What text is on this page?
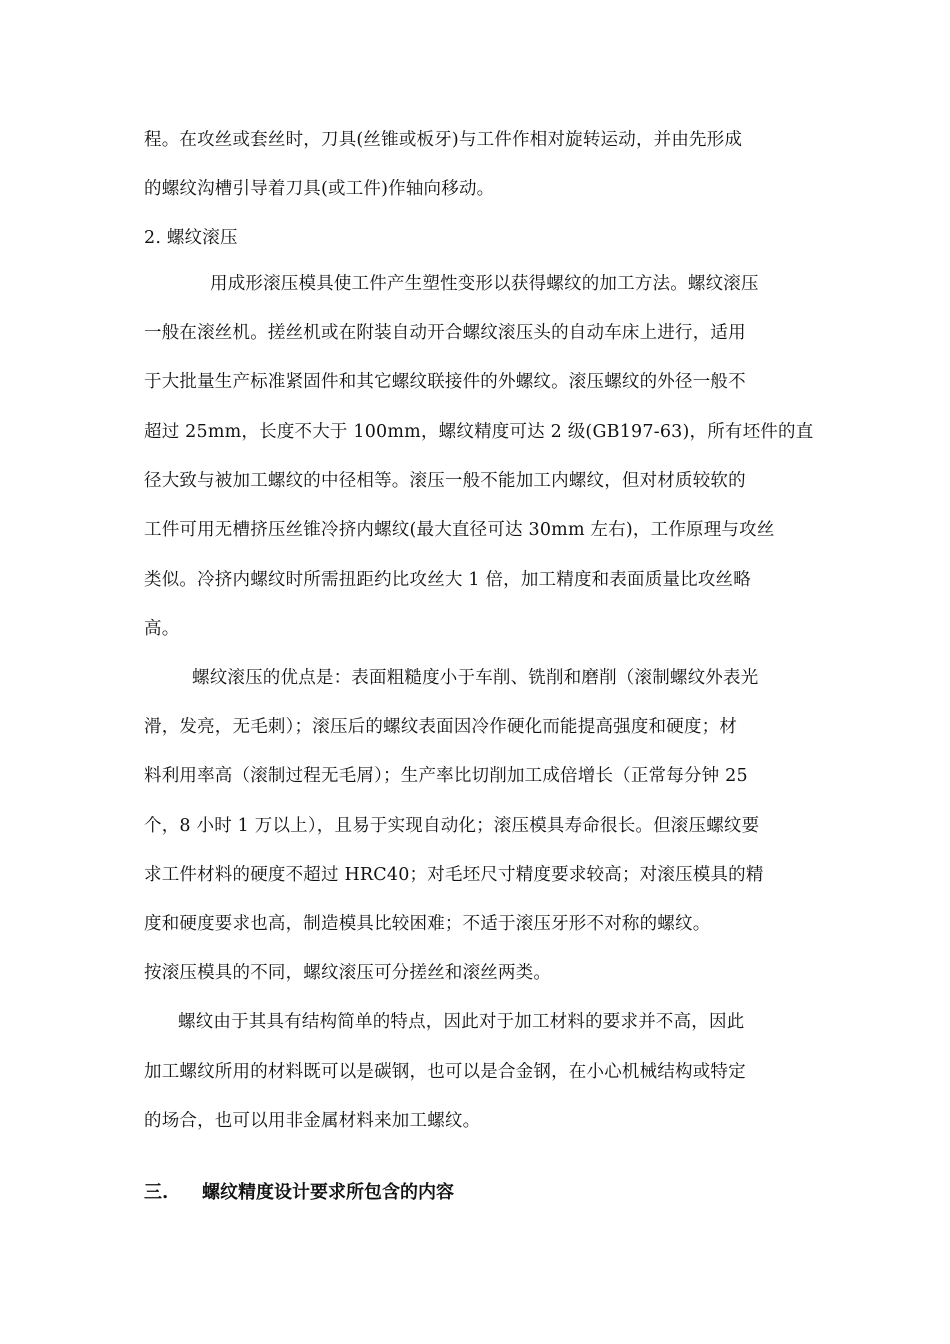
程。在攻丝或套丝时，刀具(丝锥或板牙)与工件作相对旋转运动，并由先形成
的螺纹沟槽引导着刀具(或工件)作轴向移动。
2. 螺纹滚压
用成形滚压模具使工件产生塑性变形以获得螺纹的加工方法。螺纹滚压
一般在滚丝机。搓丝机或在附装自动开合螺纹滚压头的自动车床上进行，适用
于大批量生产标准紧固件和其它螺纹联接件的外螺纹。滚压螺纹的外径一般不
超过 25mm，长度不大于 100mm，螺纹精度可达 2 级(GB197-63)，所有坯件的直
径大致与被加工螺纹的中径相等。滚压一般不能加工内螺纹，但对材质较软的
工件可用无槽挤压丝锥冷挤内螺纹(最大直径可达 30mm 左右)，工作原理与攻丝
类似。冷挤内螺纹时所需扭距约比攻丝大 1 倍，加工精度和表面质量比攻丝略
高。
螺纹滚压的优点是：表面粗糙度小于车削、铣削和磨削（滚制螺纹外表光
滑，发亮，无毛刺）；滚压后的螺纹表面因冷作硬化而能提高强度和硬度；材
料利用率高（滚制过程无毛屑）；生产率比切削加工成倍增长（正常每分钟 25
个，8 小时 1 万以上），且易于实现自动化；滚压模具寿命很长。但滚压螺纹要
求工件材料的硬度不超过 HRC40；对毛坯尺寸精度要求较高；对滚压模具的精
度和硬度要求也高，制造模具比较困难；不适于滚压牙形不对称的螺纹。
按滚压模具的不同，螺纹滚压可分搓丝和滚丝两类。
螺纹由于其具有结构简单的特点，因此对于加工材料的要求并不高，因此
加工螺纹所用的材料既可以是碳钢，也可以是合金钢，在小心机械结构或特定
的场合，也可以用非金属材料来加工螺纹。
三. 螺纹精度设计要求所包含的内容
